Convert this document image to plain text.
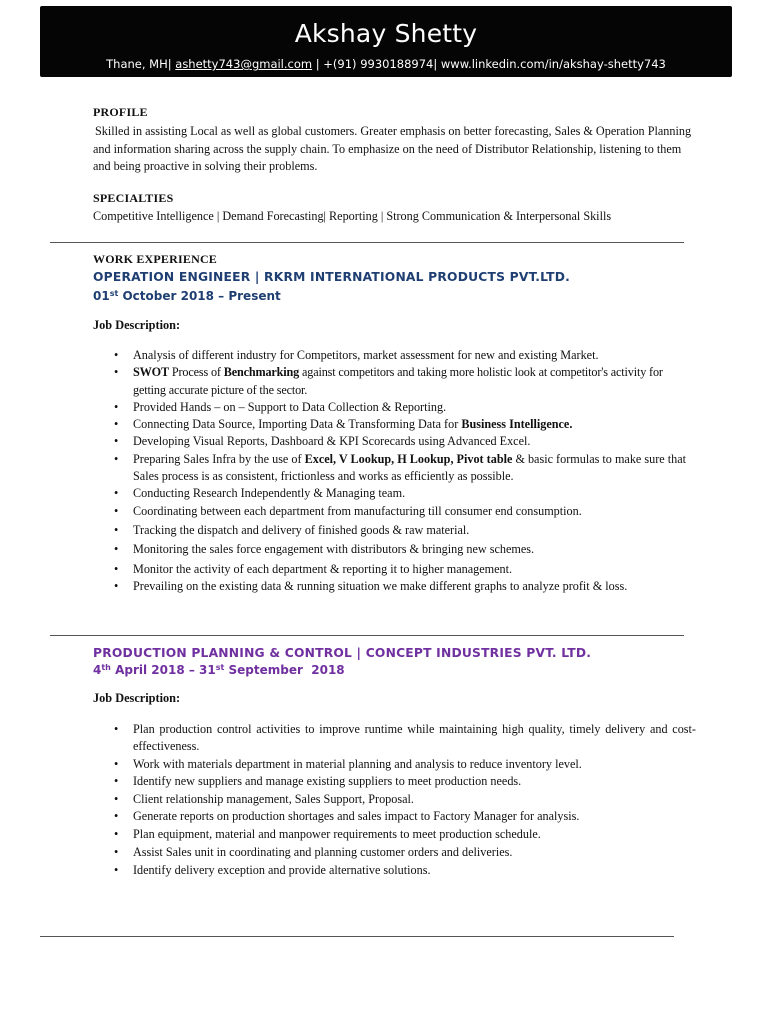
Akshay Shetty
Thane, MH| ashetty743@gmail.com | +(91) 9930188974| www.linkedin.com/in/akshay-shetty743
PROFILE
Skilled in assisting Local as well as global customers. Greater emphasis on better forecasting, Sales & Operation Planning and information sharing across the supply chain. To emphasize on the need of Distributor Relationship, listening to them and being proactive in solving their problems.
SPECIALTIES
Competitive Intelligence | Demand Forecasting| Reporting | Strong Communication & Interpersonal Skills
WORK EXPERIENCE
OPERATION ENGINEER | RKRM INTERNATIONAL PRODUCTS PVT.LTD.
01st October 2018 – Present
Job Description:
• Analysis of different industry for Competitors, market assessment for new and existing Market.
• SWOT Process of Benchmarking against competitors and taking more holistic look at competitor's activity for getting accurate picture of the sector.
• Provided Hands – on – Support to Data Collection & Reporting.
• Connecting Data Source, Importing Data & Transforming Data for Business Intelligence.
• Developing Visual Reports, Dashboard & KPI Scorecards using Advanced Excel.
• Preparing Sales Infra by the use of Excel, V Lookup, H Lookup, Pivot table & basic formulas to make sure that Sales process is as consistent, frictionless and works as efficiently as possible.
• Conducting Research Independently & Managing team.
• Coordinating between each department from manufacturing till consumer end consumption.
• Tracking the dispatch and delivery of finished goods & raw material.
• Monitoring the sales force engagement with distributors & bringing new schemes.
• Monitor the activity of each department & reporting it to higher management.
• Prevailing on the existing data & running situation we make different graphs to analyze profit & loss.
PRODUCTION PLANNING & CONTROL | CONCEPT INDUSTRIES PVT. LTD.
4th April 2018 – 31st September  2018
Job Description:
• Plan production control activities to improve runtime while maintaining high quality, timely delivery and cost- effectiveness.
• Work with materials department in material planning and analysis to reduce inventory level.
• Identify new suppliers and manage existing suppliers to meet production needs.
• Client relationship management, Sales Support, Proposal.
• Generate reports on production shortages and sales impact to Factory Manager for analysis.
• Plan equipment, material and manpower requirements to meet production schedule.
• Assist Sales unit in coordinating and planning customer orders and deliveries.
• Identify delivery exception and provide alternative solutions.
